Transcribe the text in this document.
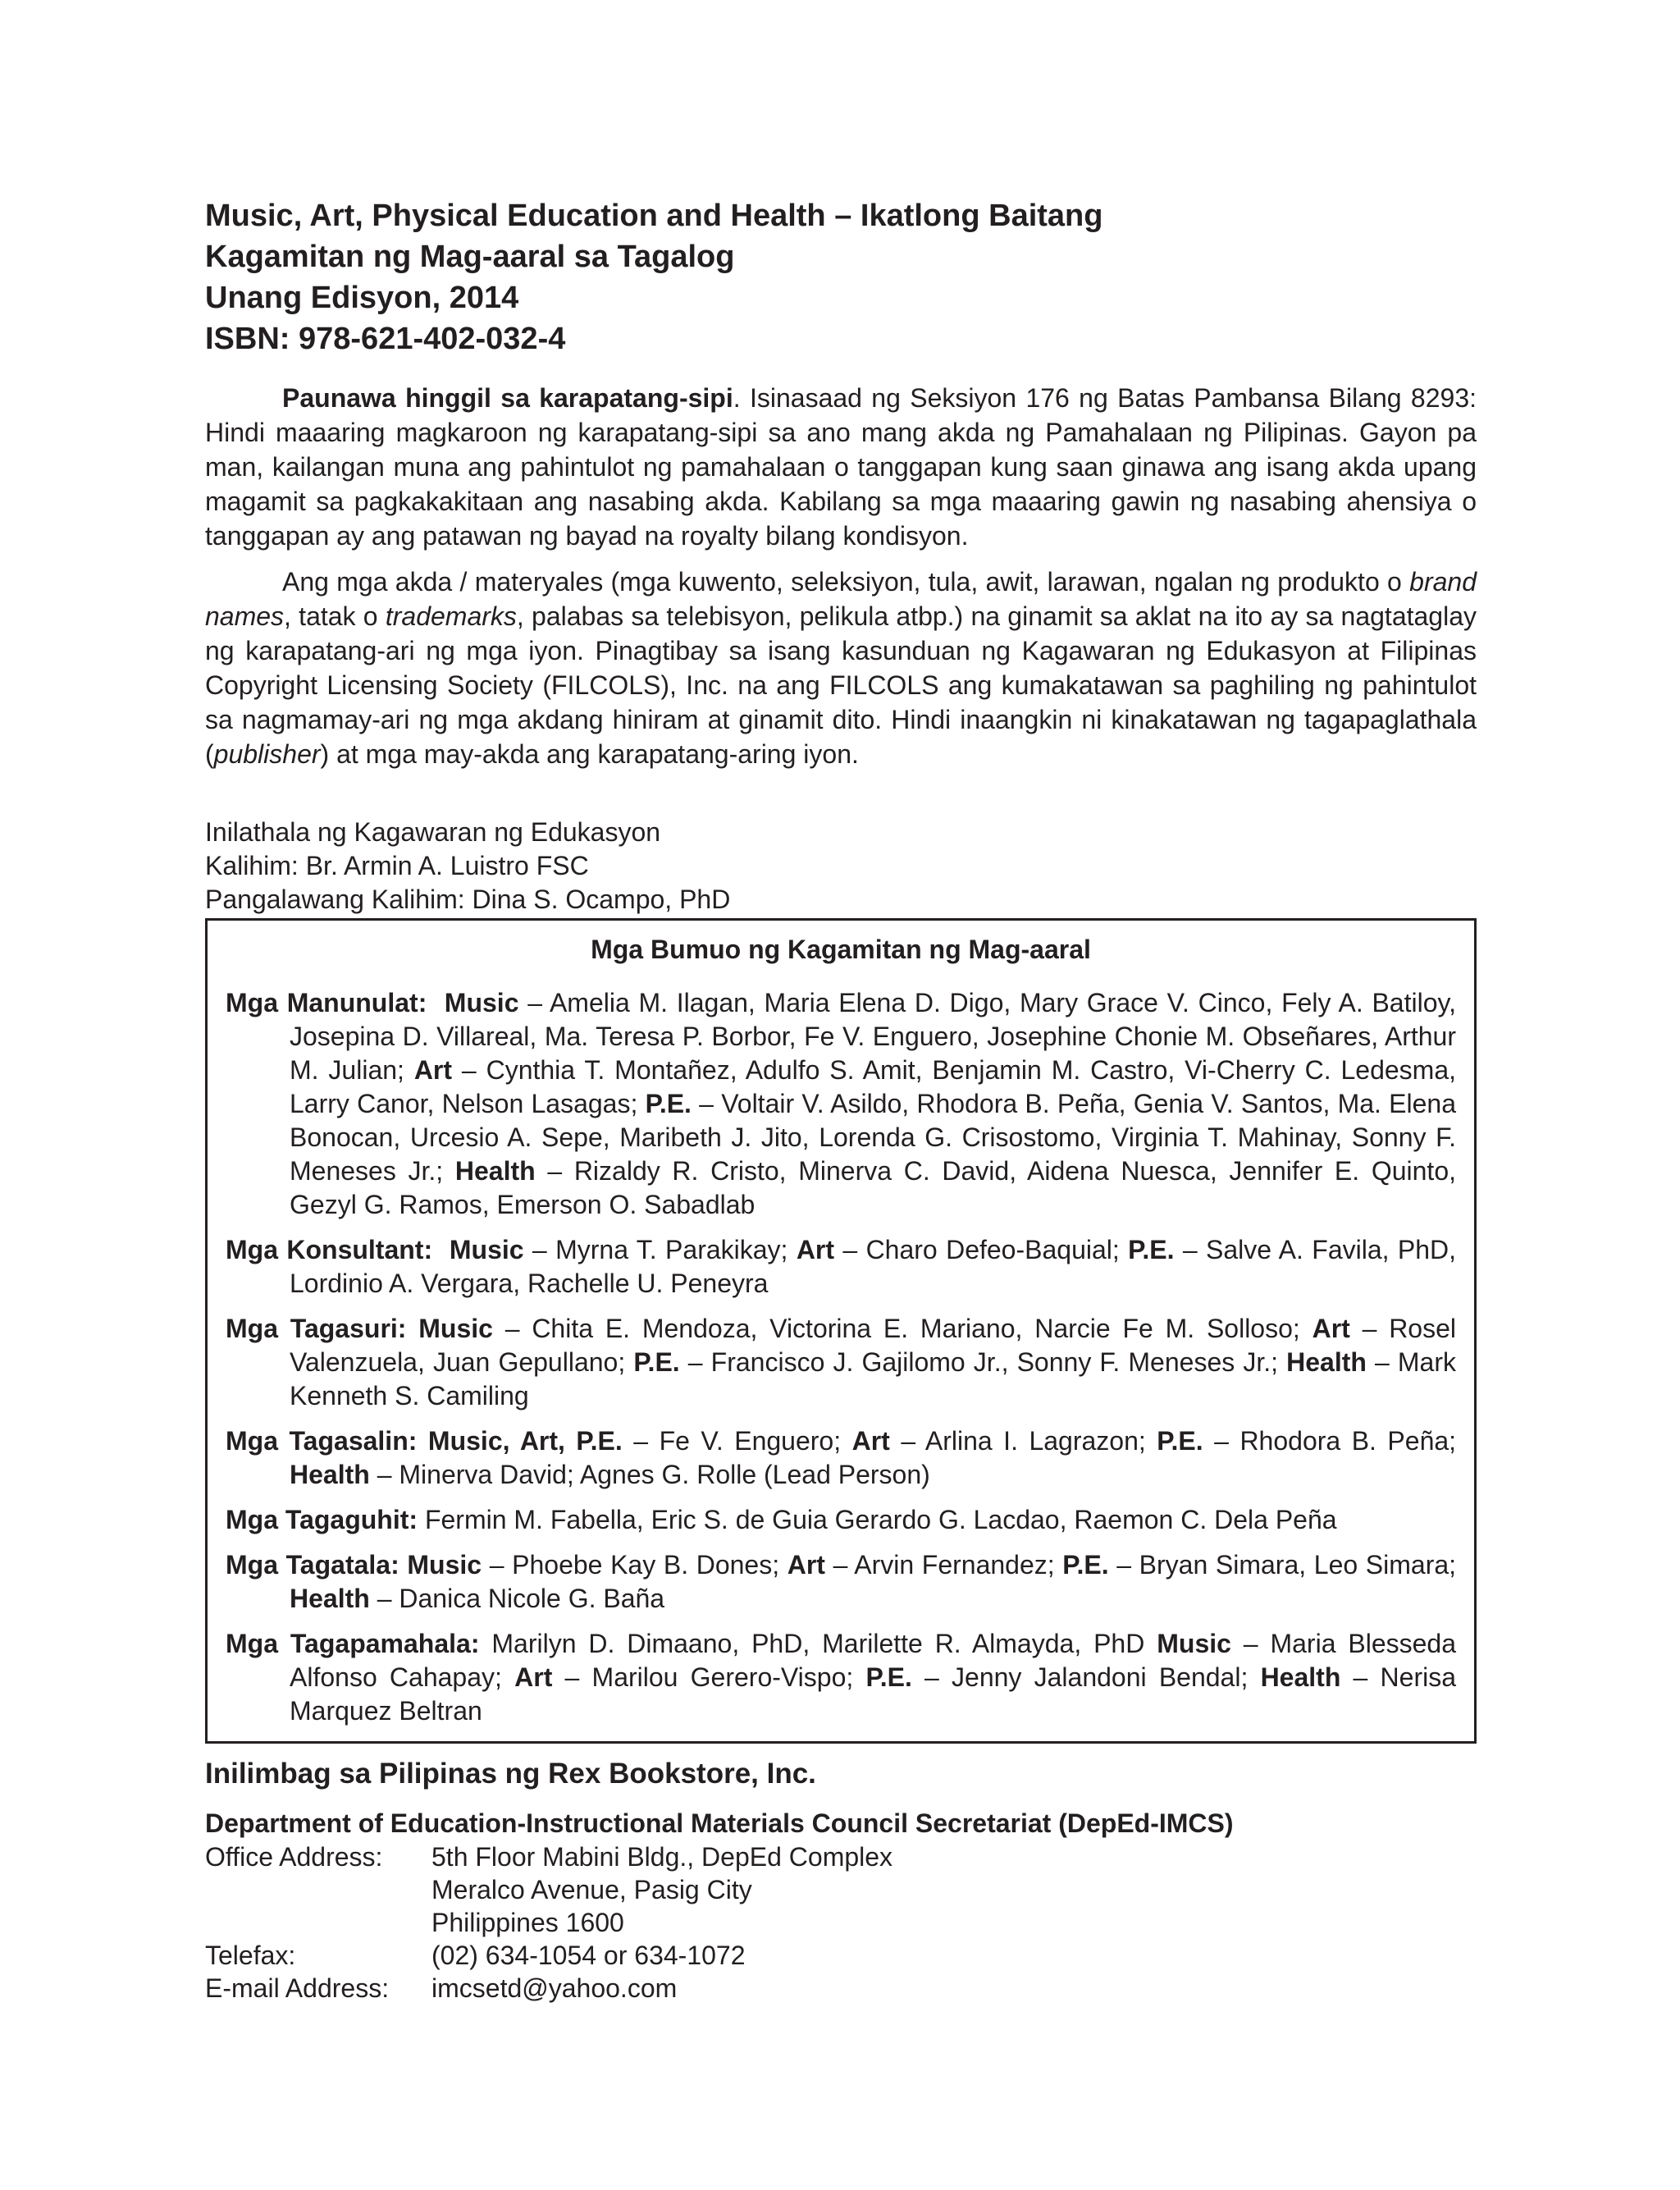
Music, Art, Physical Education and Health – Ikatlong Baitang
Kagamitan ng Mag-aaral sa Tagalog
Unang Edisyon, 2014
ISBN: 978-621-402-032-4

Paunawa hinggil sa karapatang-sipi. Isinasaad ng Seksiyon 176 ng Batas Pambansa Bilang 8293: Hindi maaaring magkaroon ng karapatang-sipi sa ano mang akda ng Pamahalaan ng Pilipinas. Gayon pa man, kailangan muna ang pahintulot ng pamahalaan o tanggapan kung saan ginawa ang isang akda upang magamit sa pagkakakitaan ang nasabing akda. Kabilang sa mga maaaring gawin ng nasabing ahensiya o tanggapan ay ang patawan ng bayad na royalty bilang kondisyon.

Ang mga akda / materyales (mga kuwento, seleksiyon, tula, awit, larawan, ngalan ng produkto o brand names, tatak o trademarks, palabas sa telebisyon, pelikula atbp.) na ginamit sa aklat na ito ay sa nagtataglay ng karapatang-ari ng mga iyon. Pinagtibay sa isang kasunduan ng Kagawaran ng Edukasyon at Filipinas Copyright Licensing Society (FILCOLS), Inc. na ang FILCOLS ang kumakatawan sa paghiling ng pahintulot sa nagmamay-ari ng mga akdang hiniram at ginamit dito. Hindi inaangkin ni kinakatawan ng tagapaglathala (publisher) at mga may-akda ang karapatang-aring iyon.

Inilathala ng Kagawaran ng Edukasyon
Kalihim: Br. Armin A. Luistro FSC
Pangalawang Kalihim: Dina S. Ocampo, PhD
Mga Bumuo ng Kagamitan ng Mag-aaral
Mga Manunulat: Music – Amelia M. Ilagan, Maria Elena D. Digo, Mary Grace V. Cinco, Fely A. Batiloy, Josepina D. Villareal, Ma. Teresa P. Borbor, Fe V. Enguero, Josephine Chonie M. Obseñares, Arthur M. Julian; Art – Cynthia T. Montañez, Adulfo S. Amit, Benjamin M. Castro, Vi-Cherry C. Ledesma, Larry Canor, Nelson Lasagas; P.E. – Voltair V. Asildo, Rhodora B. Peña, Genia V. Santos, Ma. Elena Bonocan, Urcesio A. Sepe, Maribeth J. Jito, Lorenda G. Crisostomo, Virginia T. Mahinay, Sonny F. Meneses Jr.; Health – Rizaldy R. Cristo, Minerva C. David, Aidena Nuesca, Jennifer E. Quinto, Gezyl G. Ramos, Emerson O. Sabadlab
Mga Konsultant: Music – Myrna T. Parakikay; Art – Charo Defeo-Baquial; P.E. – Salve A. Favila, PhD, Lordinio A. Vergara, Rachelle U. Peneyra
Mga Tagasuri: Music – Chita E. Mendoza, Victorina E. Mariano, Narcie Fe M. Solloso; Art – Rosel Valenzuela, Juan Gepullano; P.E. – Francisco J. Gajilomo Jr., Sonny F. Meneses Jr.; Health – Mark Kenneth S. Camiling
Mga Tagasalin: Music, Art, P.E. – Fe V. Enguero; Art – Arlina I. Lagrazon; P.E. – Rhodora B. Peña; Health – Minerva David; Agnes G. Rolle (Lead Person)
Mga Tagaguhit: Fermin M. Fabella, Eric S. de Guia Gerardo G. Lacdao, Raemon C. Dela Peña
Mga Tagatala: Music – Phoebe Kay B. Dones; Art – Arvin Fernandez; P.E. – Bryan Simara, Leo Simara; Health – Danica Nicole G. Baña
Mga Tagapamahala: Marilyn D. Dimaano, PhD, Marilette R. Almayda, PhD Music – Maria Blesseda Alfonso Cahapay; Art – Marilou Gerero-Vispo; P.E. – Jenny Jalandoni Bendal; Health – Nerisa Marquez Beltran
Inilimbag sa Pilipinas ng Rex Bookstore, Inc.
Department of Education-Instructional Materials Council Secretariat (DepEd-IMCS)
Office Address:	5th Floor Mabini Bldg., DepEd Complex
Meralco Avenue, Pasig City
Philippines 1600
Telefax:	(02) 634-1054 or 634-1072
E-mail Address:	imcsetd@yahoo.com
